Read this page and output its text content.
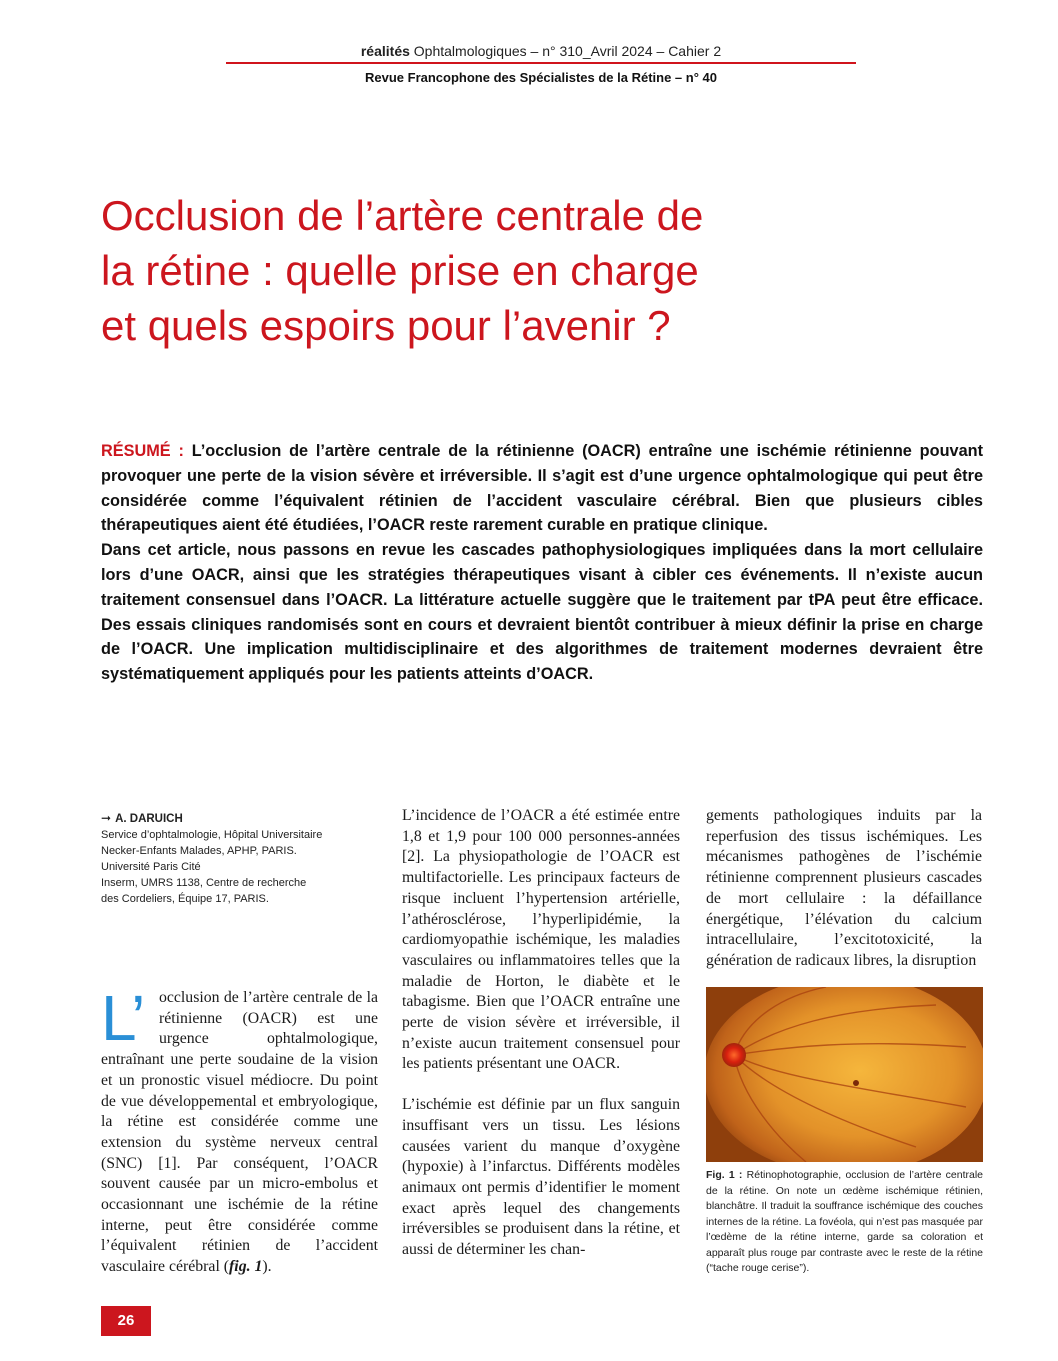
réalités Ophtalmologiques – n° 310_Avril 2024 – Cahier 2
Revue Francophone des Spécialistes de la Rétine – n° 40
Occlusion de l’artère centrale de
la rétine : quelle prise en charge
et quels espoirs pour l’avenir ?

RÉSUMÉ : L’occlusion de l’artère centrale de la rétinienne (OACR) entraîne une ischémie rétinienne pouvant provoquer une perte de la vision sévère et irréversible. Il s’agit est d’une urgence ophtalmologique qui peut être considérée comme l’équivalent rétinien de l’accident vasculaire cérébral. Bien que plusieurs cibles thérapeutiques aient été étudiées, l’OACR reste rarement curable en pratique clinique.

Dans cet article, nous passons en revue les cascades pathophysiologiques impliquées dans la mort cellulaire lors d’une OACR, ainsi que les stratégies thérapeutiques visant à cibler ces événements. Il n’existe aucun traitement consensuel dans l’OACR. La littérature actuelle suggère que le traitement par tPA peut être efficace. Des essais cliniques randomisés sont en cours et devraient bientôt contribuer à mieux définir la prise en charge de l’OACR. Une implication multidisciplinaire et des algorithmes de traitement modernes devraient être systématiquement appliqués pour les patients atteints d’OACR.

➞ A. DARUICH
Service d’ophtalmologie, Hôpital Universitaire
Necker-Enfants Malades, APHP, PARIS.
Université Paris Cité
Inserm, UMRS 1138, Centre de recherche
des Cordeliers, Équipe 17, PARIS.
L’ occlusion de l’artère centrale de la rétinienne (OACR) est une urgence ophtalmologique, entraînant une perte soudaine de la vision et un pronostic visuel médiocre. Du point de vue développemental et embryologique, la rétine est considérée comme une extension du système nerveux central (SNC) [1]. Par conséquent, l’OACR souvent causée par un micro-embolus et occasionnant une ischémie de la rétine interne, peut être considérée comme l’équivalent rétinien de l’accident vasculaire cérébral (fig. 1).

L’incidence de l’OACR a été estimée entre 1,8 et 1,9 pour 100 000 personnes-années [2]. La physiopathologie de l’OACR est multifactorielle. Les principaux facteurs de risque incluent l’hypertension artérielle, l’athérosclérose, l’hyperlipidémie, la cardiomyopathie ischémique, les maladies vasculaires ou inflammatoires telles que la maladie de Horton, le diabète et le tabagisme. Bien que l’OACR entraîne une perte de vision sévère et irréversible, il n’existe aucun traitement consensuel pour les patients présentant une OACR.

L’ischémie est définie par un flux sanguin insuffisant vers un tissu. Les lésions causées varient du manque d’oxygène (hypoxie) à l’infarctus. Différents modèles animaux ont permis d’identifier le moment exact après lequel des changements irréversibles se produisent dans la rétine, et aussi de déterminer les chan-

gements pathologiques induits par la reperfusion des tissus ischémiques. Les mécanismes pathogènes de l’ischémie rétinienne comprennent plusieurs cascades de mort cellulaire : la défaillance énergétique, l’élévation du calcium intracellulaire, l’excitotoxicité, la génération de radicaux libres, la disruption

Fig. 1 : Rétinophotographie, occlusion de l’artère centrale de la rétine. On note un œdème ischémique rétinien, blanchâtre. Il traduit la souffrance ischémique des couches internes de la rétine. La fovéola, qui n’est pas masquée par l’œdème de la rétine interne, garde sa coloration et apparaît plus rouge par contraste avec le reste de la rétine (“tache rouge cerise”).
26
